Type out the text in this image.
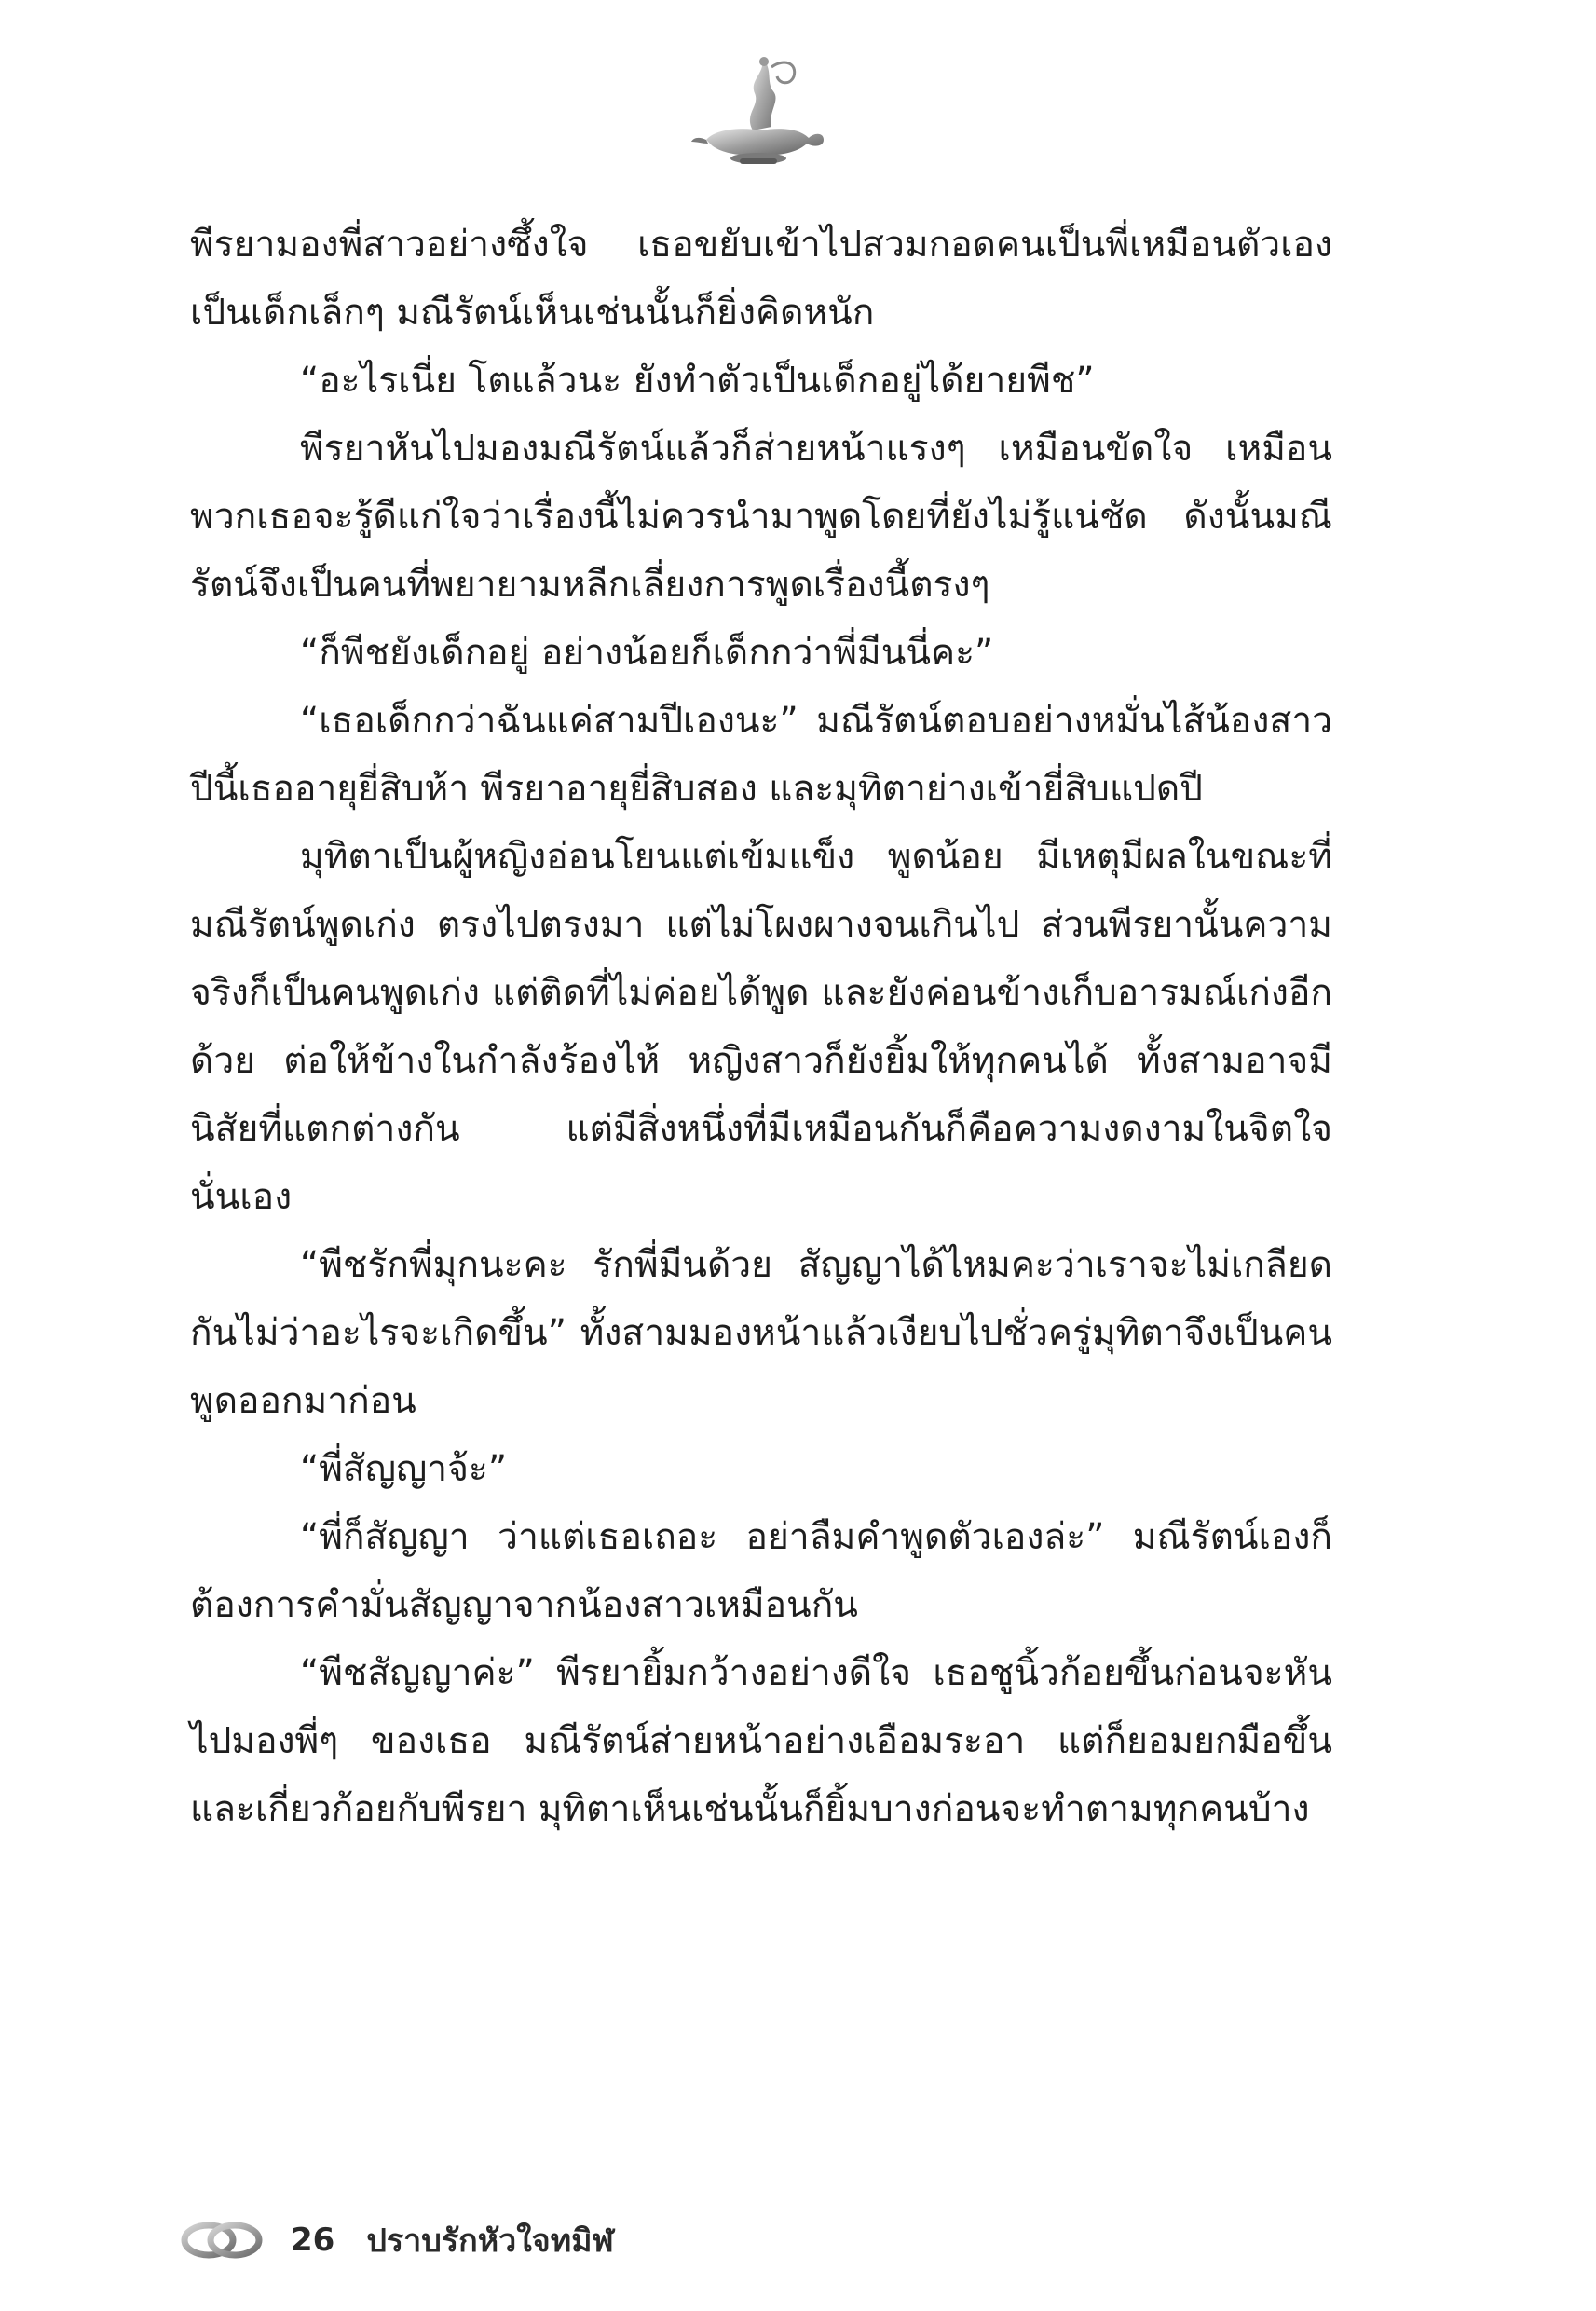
พีรยามองพี่สาวอย่างซึ้งใจ เธอขยับเข้าไปสวมกอดคนเป็นพี่เหมือนตัวเองเป็นเด็กเล็กๆ มณีรัตน์เห็นเช่นนั้นก็ยิ่งคิดหนัก

“อะไรเนี่ย โตแล้วนะ ยังทำตัวเป็นเด็กอยู่ได้ยายพีช”

พีรยาหันไปมองมณีรัตน์แล้วก็ส่ายหน้าแรงๆ เหมือนขัดใจ เหมือนพวกเธอจะรู้ดีแก่ใจว่าเรื่องนี้ไม่ควรนำมาพูดโดยที่ยังไม่รู้แน่ชัด ดังนั้นมณีรัตน์จึงเป็นคนที่พยายามหลีกเลี่ยงการพูดเรื่องนี้ตรงๆ

“ก็พีชยังเด็กอยู่ อย่างน้อยก็เด็กกว่าพี่มีนนี่คะ”

“เธอเด็กกว่าฉันแค่สามปีเองนะ” มณีรัตน์ตอบอย่างหมั่นไส้น้องสาว ปีนี้เธออายุยี่สิบห้า พีรยาอายุยี่สิบสอง และมุทิตาย่างเข้ายี่สิบแปดปี

มุทิตาเป็นผู้หญิงอ่อนโยนแต่เข้มแข็ง พูดน้อย มีเหตุมีผลในขณะที่มณีรัตน์พูดเก่ง ตรงไปตรงมา แต่ไม่โผงผางจนเกินไป ส่วนพีรยานั้นความจริงก็เป็นคนพูดเก่ง แต่ติดที่ไม่ค่อยได้พูด และยังค่อนข้างเก็บอารมณ์เก่งอีกด้วย ต่อให้ข้างในกำลังร้องไห้ หญิงสาวก็ยังยิ้มให้ทุกคนได้ ทั้งสามอาจมีนิสัยที่แตกต่างกัน แต่มีสิ่งหนึ่งที่มีเหมือนกันก็คือความงดงามในจิตใจนั่นเอง

“พีชรักพี่มุกนะคะ รักพี่มีนด้วย สัญญาได้ไหมคะว่าเราจะไม่เกลียดกันไม่ว่าอะไรจะเกิดขึ้น” ทั้งสามมองหน้าแล้วเงียบไปชั่วครู่มุทิตาจึงเป็นคนพูดออกมาก่อน

“พี่สัญญาจ้ะ”

“พี่ก็สัญญา ว่าแต่เธอเถอะ อย่าลืมคำพูดตัวเองล่ะ” มณีรัตน์เองก็ต้องการคำมั่นสัญญาจากน้องสาวเหมือนกัน

“พีชสัญญาค่ะ” พีรยายิ้มกว้างอย่างดีใจ เธอชูนิ้วก้อยขึ้นก่อนจะหันไปมองพี่ๆ ของเธอ มณีรัตน์ส่ายหน้าอย่างเอือมระอา แต่ก็ยอมยกมือขึ้นและเกี่ยวก้อยกับพีรยา มุทิตาเห็นเช่นนั้นก็ยิ้มบางก่อนจะทำตามทุกคนบ้าง

26 ปราบรักหัวใจทมิฬ
